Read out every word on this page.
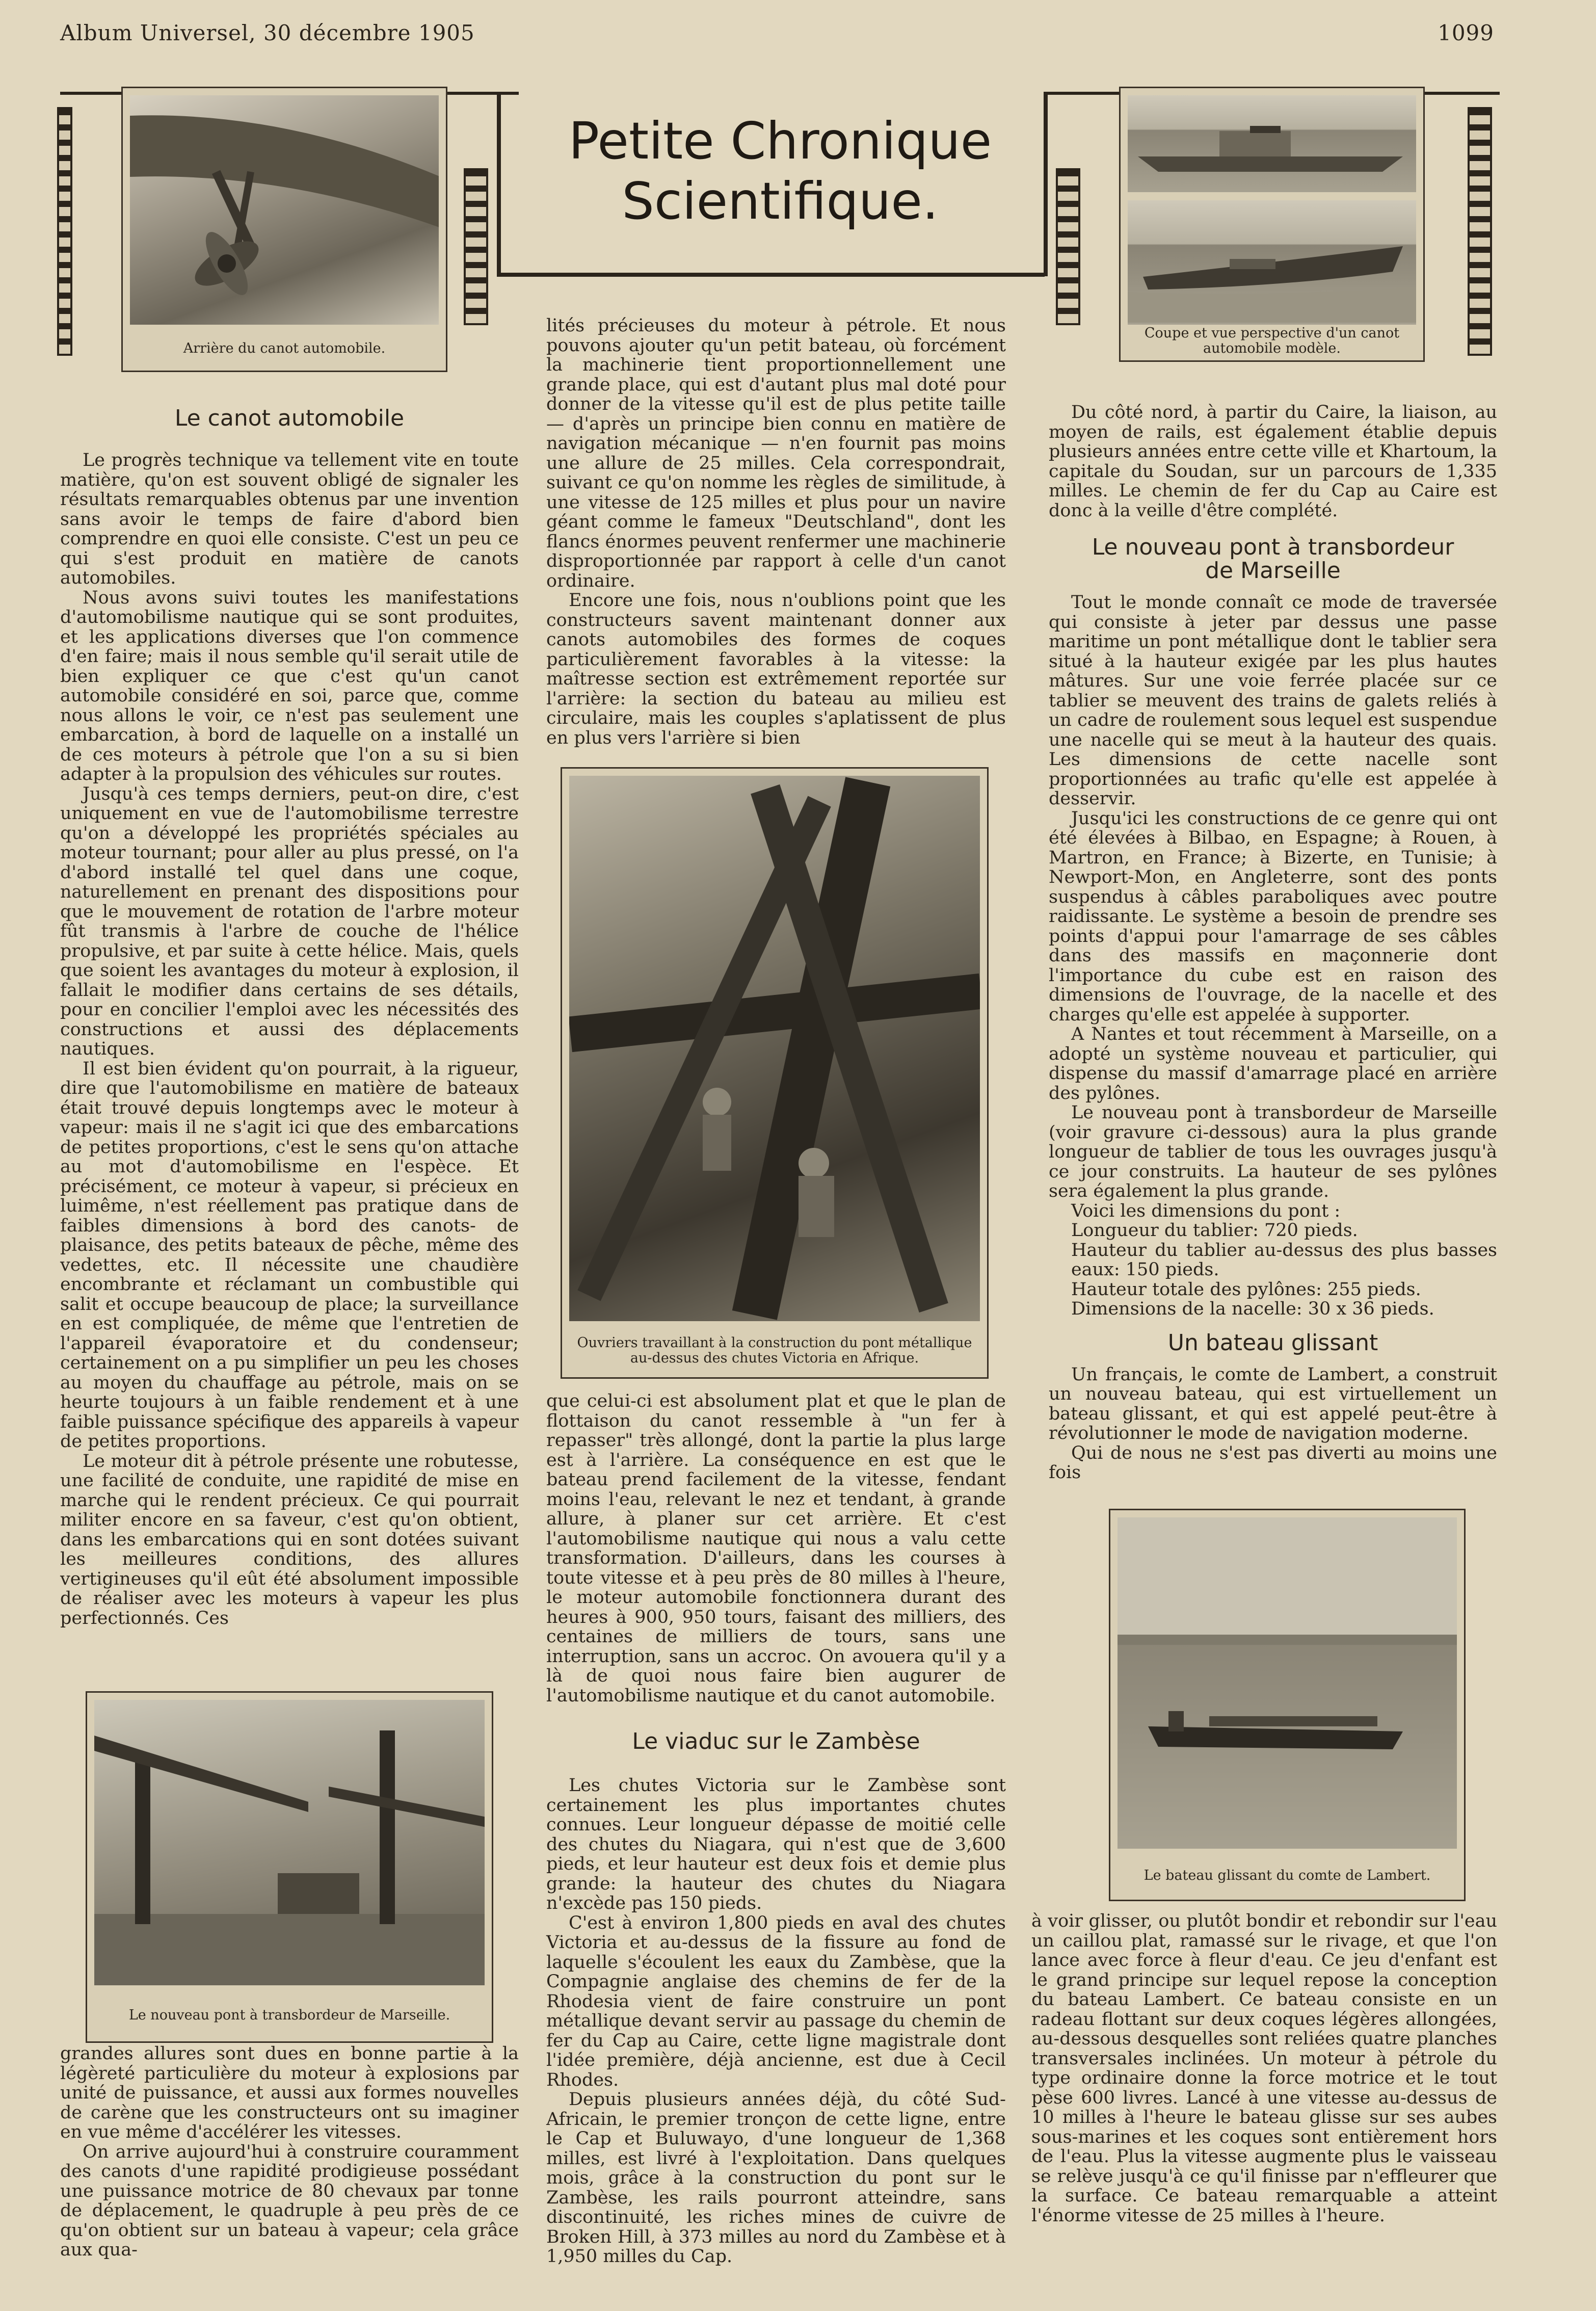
Album Universel, 30 décembre 1905	1099
Petite Chronique
Scientifique.
Arrière du canot automobile.
Coupe et vue perspective d'un canot automobile modèle.
Le canot automobile

Le progrès technique va tellement vite en toute matière, qu'on est souvent obligé de signaler les résultats remarquables obtenus par une invention sans avoir le temps de faire d'abord bien comprendre en quoi elle consiste. C'est un peu ce qui s'est produit en matière de canots automobiles.

Nous avons suivi toutes les manifestations d'automobilisme nautique qui se sont produites, et les applications diverses que l'on commence d'en faire; mais il nous semble qu'il serait utile de bien expliquer ce que c'est qu'un canot automobile considéré en soi, parce que, comme nous allons le voir, ce n'est pas seulement une embarcation, à bord de laquelle on a installé un de ces moteurs à pétrole que l'on a su si bien adapter à la propulsion des véhicules sur routes.

Jusqu'à ces temps derniers, peut-on dire, c'est uniquement en vue de l'automobilisme terrestre qu'on a développé les propriétés spéciales au moteur tournant; pour aller au plus pressé, on l'a d'abord installé tel quel dans une coque, naturellement en prenant des dispositions pour que le mouvement de rotation de l'arbre moteur fût transmis à l'arbre de couche de l'hélice propulsive, et par suite à cette hélice. Mais, quels que soient les avantages du moteur à explosion, il fallait le modifier dans certains de ses détails, pour en concilier l'emploi avec les nécessités des constructions et aussi des déplacements nautiques.

Il est bien évident qu'on pourrait, à la rigueur, dire que l'automobilisme en matière de bateaux était trouvé depuis longtemps avec le moteur à vapeur: mais il ne s'agit ici que des embarcations de petites proportions, c'est le sens qu'on attache au mot d'automobilisme en l'espèce. Et précisément, ce moteur à vapeur, si précieux en luimême, n'est réellement pas pratique dans de faibles dimensions à bord des canots- de plaisance, des petits bateaux de pêche, même des vedettes, etc. Il nécessite une chaudière encombrante et réclamant un combustible qui salit et occupe beaucoup de place; la surveillance en est compliquée, de même que l'entretien de l'appareil évaporatoire et du condenseur; certainement on a pu simplifier un peu les choses au moyen du chauffage au pétrole, mais on se heurte toujours à un faible rendement et à une faible puissance spécifique des appareils à vapeur de petites proportions.

Le moteur dit à pétrole présente une robutesse, une facilité de conduite, une rapidité de mise en marche qui le rendent précieux. Ce qui pourrait militer encore en sa faveur, c'est qu'on obtient, dans les embarcations qui en sont dotées suivant les meilleures conditions, des allures vertigineuses qu'il eût été absolument impossible de réaliser avec les moteurs à vapeur les plus perfectionnés. Ces

Le nouveau pont à transbordeur de Marseille.

grandes allures sont dues en bonne partie à la légèreté particulière du moteur à explosions par unité de puissance, et aussi aux formes nouvelles de carène que les constructeurs ont su imaginer en vue même d'accélérer les vitesses.

On arrive aujourd'hui à construire couramment des canots d'une rapidité prodigieuse possédant une puissance motrice de 80 chevaux par tonne de déplacement, le quadruple à peu près de ce qu'on obtient sur un bateau à vapeur; cela grâce aux qua-

lités précieuses du moteur à pétrole. Et nous pouvons ajouter qu'un petit bateau, où forcément la machinerie tient proportionnellement une grande place, qui est d'autant plus mal doté pour donner de la vitesse qu'il est de plus petite taille — d'après un principe bien connu en matière de navigation mécanique — n'en fournit pas moins une allure de 25 milles. Cela correspondrait, suivant ce qu'on nomme les règles de similitude, à une vitesse de 125 milles et plus pour un navire géant comme le fameux "Deutschland", dont les flancs énormes peuvent renfermer une machinerie disproportionnée par rapport à celle d'un canot ordinaire.

Encore une fois, nous n'oublions point que les constructeurs savent maintenant donner aux canots automobiles des formes de coques particulièrement favorables à la vitesse: la maîtresse section est extrêmement reportée sur l'arrière: la section du bateau au milieu est circulaire, mais les couples s'aplatissent de plus en plus vers l'arrière si bien

Ouvriers travaillant à la construction du pont métallique au-dessus des chutes Victoria en Afrique.

que celui-ci est absolument plat et que le plan de flottaison du canot ressemble à "un fer à repasser" très allongé, dont la partie la plus large est à l'arrière. La conséquence en est que le bateau prend facilement de la vitesse, fendant moins l'eau, relevant le nez et tendant, à grande allure, à planer sur cet arrière. Et c'est l'automobilisme nautique qui nous a valu cette transformation. D'ailleurs, dans les courses à toute vitesse et à peu près de 80 milles à l'heure, le moteur automobile fonctionnera durant des heures à 900, 950 tours, faisant des milliers, des centaines de milliers de tours, sans une interruption, sans un accroc. On avouera qu'il y a là de quoi nous faire bien augurer de l'automobilisme nautique et du canot automobile.

Le viaduc sur le Zambèse

Les chutes Victoria sur le Zambèse sont certainement les plus importantes chutes connues. Leur longueur dépasse de moitié celle des chutes du Niagara, qui n'est que de 3,600 pieds, et leur hauteur est deux fois et demie plus grande: la hauteur des chutes du Niagara n'excède pas 150 pieds.

C'est à environ 1,800 pieds en aval des chutes Victoria et au-dessus de la fissure au fond de laquelle s'écoulent les eaux du Zambèse, que la Compagnie anglaise des chemins de fer de la Rhodesia vient de faire construire un pont métallique devant servir au passage du chemin de fer du Cap au Caire, cette ligne magistrale dont l'idée première, déjà ancienne, est due à Cecil Rhodes.

Depuis plusieurs années déjà, du côté Sud-Africain, le premier tronçon de cette ligne, entre le Cap et Buluwayo, d'une longueur de 1,368 milles, est livré à l'exploitation. Dans quelques mois, grâce à la construction du pont sur le Zambèse, les rails pourront atteindre, sans discontinuité, les riches mines de cuivre de Broken Hill, à 373 milles au nord du Zambèse et à 1,950 milles du Cap.

Du côté nord, à partir du Caire, la liaison, au moyen de rails, est également établie depuis plusieurs années entre cette ville et Khartoum, la capitale du Soudan, sur un parcours de 1,335 milles. Le chemin de fer du Cap au Caire est donc à la veille d'être complété.

Le nouveau pont à transbordeur
de Marseille

Tout le monde connaît ce mode de traversée qui consiste à jeter par dessus une passe maritime un pont métallique dont le tablier sera situé à la hauteur exigée par les plus hautes mâtures. Sur une voie ferrée placée sur ce tablier se meuvent des trains de galets reliés à un cadre de roulement sous lequel est suspendue une nacelle qui se meut à la hauteur des quais. Les dimensions de cette nacelle sont proportionnées au trafic qu'elle est appelée à desservir.

Jusqu'ici les constructions de ce genre qui ont été élevées à Bilbao, en Espagne; à Rouen, à Martron, en France; à Bizerte, en Tunisie; à Newport-Mon, en Angleterre, sont des ponts suspendus à câbles paraboliques avec poutre raidissante. Le système a besoin de prendre ses points d'appui pour l'amarrage de ses câbles dans des massifs en maçonnerie dont l'importance du cube est en raison des dimensions de l'ouvrage, de la nacelle et des charges qu'elle est appelée à supporter.

A Nantes et tout récemment à Marseille, on a adopté un système nouveau et particulier, qui dispense du massif d'amarrage placé en arrière des pylônes.

Le nouveau pont à transbordeur de Marseille (voir gravure ci-dessous) aura la plus grande longueur de tablier de tous les ouvrages jusqu'à ce jour construits. La hauteur de ses pylônes sera également la plus grande.

Voici les dimensions du pont :

Longueur du tablier: 720 pieds.

Hauteur du tablier au-dessus des plus basses eaux: 150 pieds.

Hauteur totale des pylônes: 255 pieds.

Dimensions de la nacelle: 30 x 36 pieds.

Un bateau glissant

Un français, le comte de Lambert, a construit un nouveau bateau, qui est virtuellement un bateau glissant, et qui est appelé peut-être à révolutionner le mode de navigation moderne.

Qui de nous ne s'est pas diverti au moins une fois

Le bateau glissant du comte de Lambert.

à voir glisser, ou plutôt bondir et rebondir sur l'eau un caillou plat, ramassé sur le rivage, et que l'on lance avec force à fleur d'eau. Ce jeu d'enfant est le grand principe sur lequel repose la conception du bateau Lambert. Ce bateau consiste en un radeau flottant sur deux coques légères allongées, au-dessous desquelles sont reliées quatre planches transversales inclinées. Un moteur à pétrole du type ordinaire donne la force motrice et le tout pèse 600 livres. Lancé à une vitesse au-dessus de 10 milles à l'heure le bateau glisse sur ses aubes sous-marines et les coques sont entièrement hors de l'eau. Plus la vitesse augmente plus le vaisseau se relève jusqu'à ce qu'il finisse par n'effleurer que la surface. Ce bateau remarquable a atteint l'énorme vitesse de 25 milles à l'heure.
